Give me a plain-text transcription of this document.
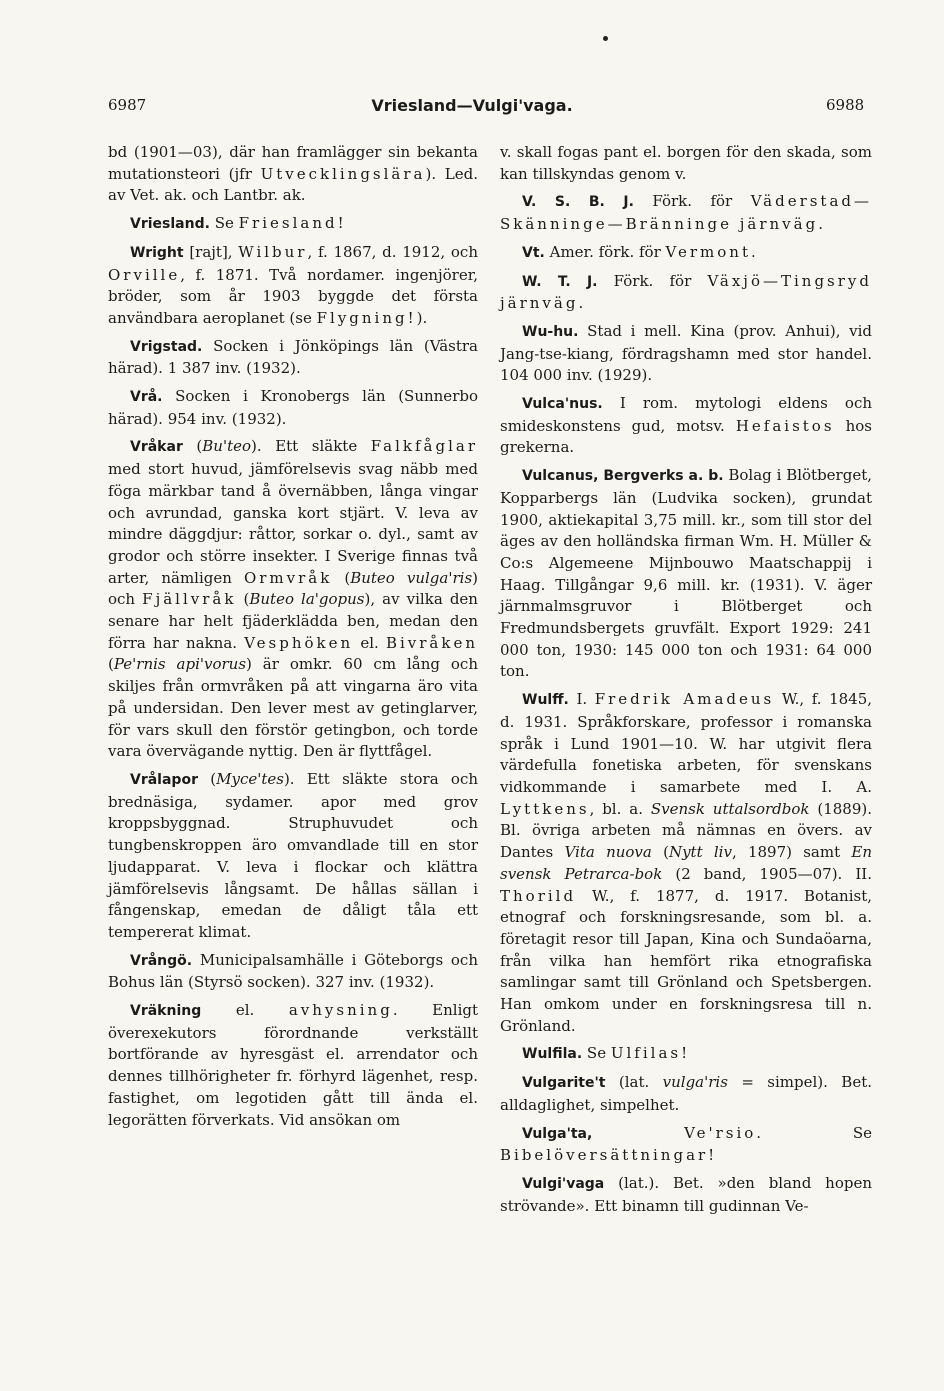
6987	Vriesland—Vulgi'vaga.	6988

bd (1901—03), där han framlägger sin bekanta mutationsteori (jfr Utvecklingslära). Led. av Vet. ak. och Lantbr. ak.

Vriesland. Se Friesland!

Wright [rajt], Wilbur, f. 1867, d. 1912, och Orville, f. 1871. Två nordamer. ingenjörer, bröder, som år 1903 byggde det första användbara aeroplanet (se Flygning!).

Vrigstad. Socken i Jönköpings län (Västra härad). 1 387 inv. (1932).

Vrå. Socken i Kronobergs län (Sunnerbo härad). 954 inv. (1932).

Vråkar (Bu'teo). Ett släkte Falkfåglar med stort huvud, jämförelsevis svag näbb med föga märkbar tand å övernäbben, långa vingar och avrundad, ganska kort stjärt. V. leva av mindre däggdjur: råttor, sorkar o. dyl., samt av grodor och större insekter. I Sverige finnas två arter, nämligen Ormvråk (Buteo vulga'ris) och Fjällvråk (Buteo la'gopus), av vilka den senare har helt fjäderklädda ben, medan den förra har nakna. Vesphöken el. Bivråken (Pe'rnis api'vorus) är omkr. 60 cm lång och skiljes från ormvråken på att vingarna äro vita på undersidan. Den lever mest av getinglarver, för vars skull den förstör getingbon, och torde vara övervägande nyttig. Den är flyttfågel.

Vrålapor (Myce'tes). Ett släkte stora och brednäsiga, sydamer. apor med grov kroppsbyggnad. Struphuvudet och tungbenskroppen äro omvandlade till en stor ljudapparat. V. leva i flockar och klättra jämförelsevis långsamt. De hållas sällan i fångenskap, emedan de dåligt tåla ett tempererat klimat.

Vrångö. Municipalsamhälle i Göteborgs och Bohus län (Styrsö socken). 327 inv. (1932).

Vräkning el. avhysning. Enligt överexekutors förordnande verkställt bortförande av hyresgäst el. arrendator och dennes tillhörigheter fr. förhyrd lägenhet, resp. fastighet, om legotiden gått till ända el. legorätten förverkats. Vid ansökan om

v. skall fogas pant el. borgen för den skada, som kan tillskyndas genom v.

V. S. B. J. Förk. för Väderstad—Skänninge—Bränninge järnväg.

Vt. Amer. förk. för Vermont.

W. T. J. Förk. för Växjö—Tingsryd järnväg.

Wu-hu. Stad i mell. Kina (prov. Anhui), vid Jang-tse-kiang, fördragshamn med stor handel. 104 000 inv. (1929).

Vulca'nus. I rom. mytologi eldens och smideskonstens gud, motsv. Hefaistos hos grekerna.

Vulcanus, Bergverks a. b. Bolag i Blötberget, Kopparbergs län (Ludvika socken), grundat 1900, aktiekapital 3,75 mill. kr., som till stor del äges av den holländska firman Wm. H. Müller & Co:s Algemeene Mijnbouwo Maatschappij i Haag. Tillgångar 9,6 mill. kr. (1931). V. äger järnmalmsgruvor i Blötberget och Fredmundsbergets gruvfält. Export 1929: 241 000 ton, 1930: 145 000 ton och 1931: 64 000 ton.

Wulff. I. Fredrik Amadeus W., f. 1845, d. 1931. Språkforskare, professor i romanska språk i Lund 1901—10. W. har utgivit flera värdefulla fonetiska arbeten, för svenskans vidkommande i samarbete med I. A. Lyttkens, bl. a. Svensk uttalsordbok (1889). Bl. övriga arbeten må nämnas en övers. av Dantes Vita nuova (Nytt liv, 1897) samt En svensk Petrarca-bok (2 band, 1905—07). II. Thorild W., f. 1877, d. 1917. Botanist, etnograf och forskningsresande, som bl. a. företagit resor till Japan, Kina och Sundaöarna, från vilka han hemfört rika etnografiska samlingar samt till Grönland och Spetsbergen. Han omkom under en forskningsresa till n. Grönland.

Wulfila. Se Ulfilas!

Vulgarite't (lat. vulga'ris = simpel). Bet. alldaglighet, simpelhet.

Vulga'ta,	Ve'rsio. Se Bibelöversättningar!

Vulgi'vaga (lat.). Bet. »den bland hopen strövande». Ett binamn till gudinnan Ve-
